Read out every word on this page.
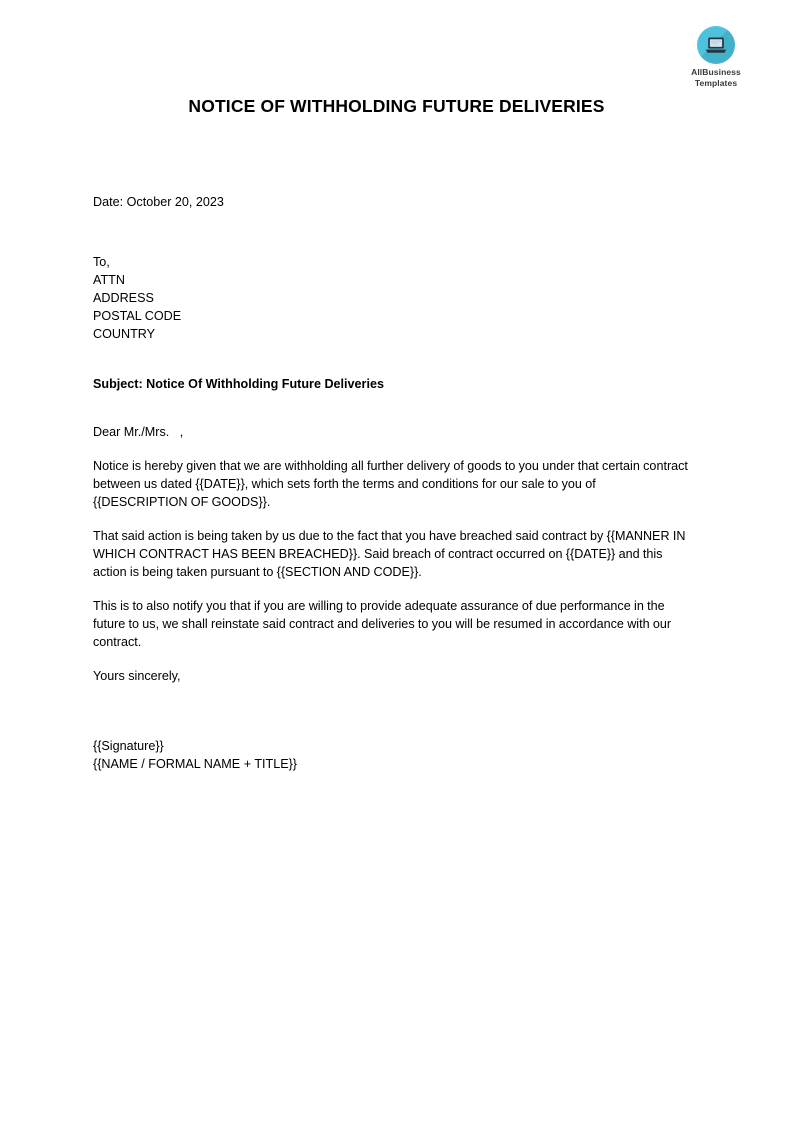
AllBusiness
Templates
NOTICE OF WITHHOLDING FUTURE DELIVERIES
Date: October 20, 2023
To,
ATTN
ADDRESS
POSTAL CODE
COUNTRY
Subject: Notice Of Withholding Future Deliveries
Dear Mr./Mrs.   ,

Notice is hereby given that we are withholding all further delivery of goods to you under that certain contract between us dated {{DATE}}, which sets forth the terms and conditions for our sale to you of {{DESCRIPTION OF GOODS}}.

That said action is being taken by us due to the fact that you have breached said contract by {{MANNER IN WHICH CONTRACT HAS BEEN BREACHED}}. Said breach of contract occurred on {{DATE}} and this action is being taken pursuant to {{SECTION AND CODE}}.

This is to also notify you that if you are willing to provide adequate assurance of due performance in the future to us, we shall reinstate said contract and deliveries to you will be resumed in accordance with our contract.

Yours sincerely,
{{Signature}}
{{NAME / FORMAL NAME + TITLE}}
